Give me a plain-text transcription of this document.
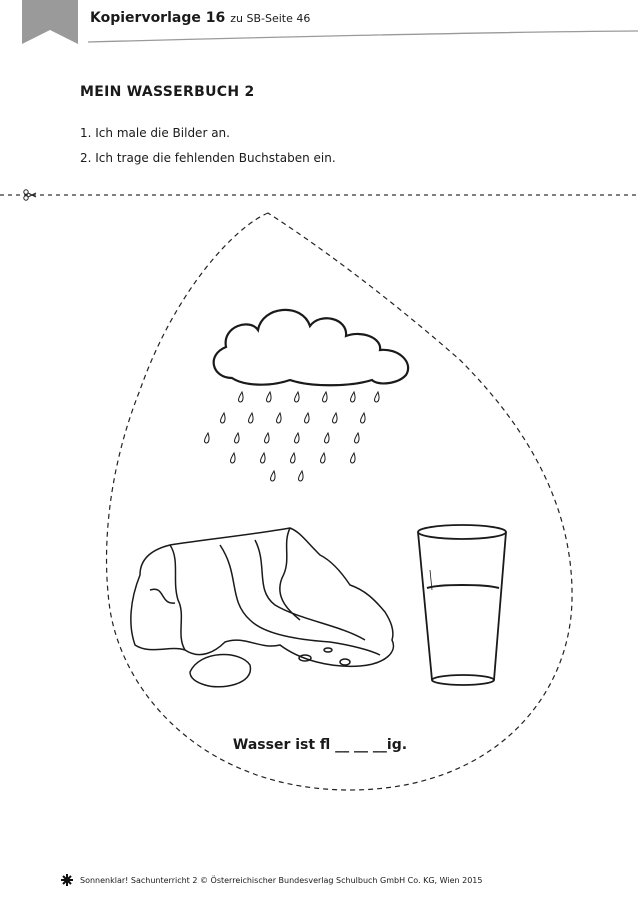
Kopiervorlage 16 zu SB-Seite 46
MEIN WASSERBUCH 2
1. Ich male die Bilder an.
2. Ich trage die fehlenden Buchstaben ein.
Wasser ist fl __ __ __ig.
Sonnenklar! Sachunterricht 2 © Österreichischer Bundesverlag Schulbuch GmbH Co. KG, Wien 2015
